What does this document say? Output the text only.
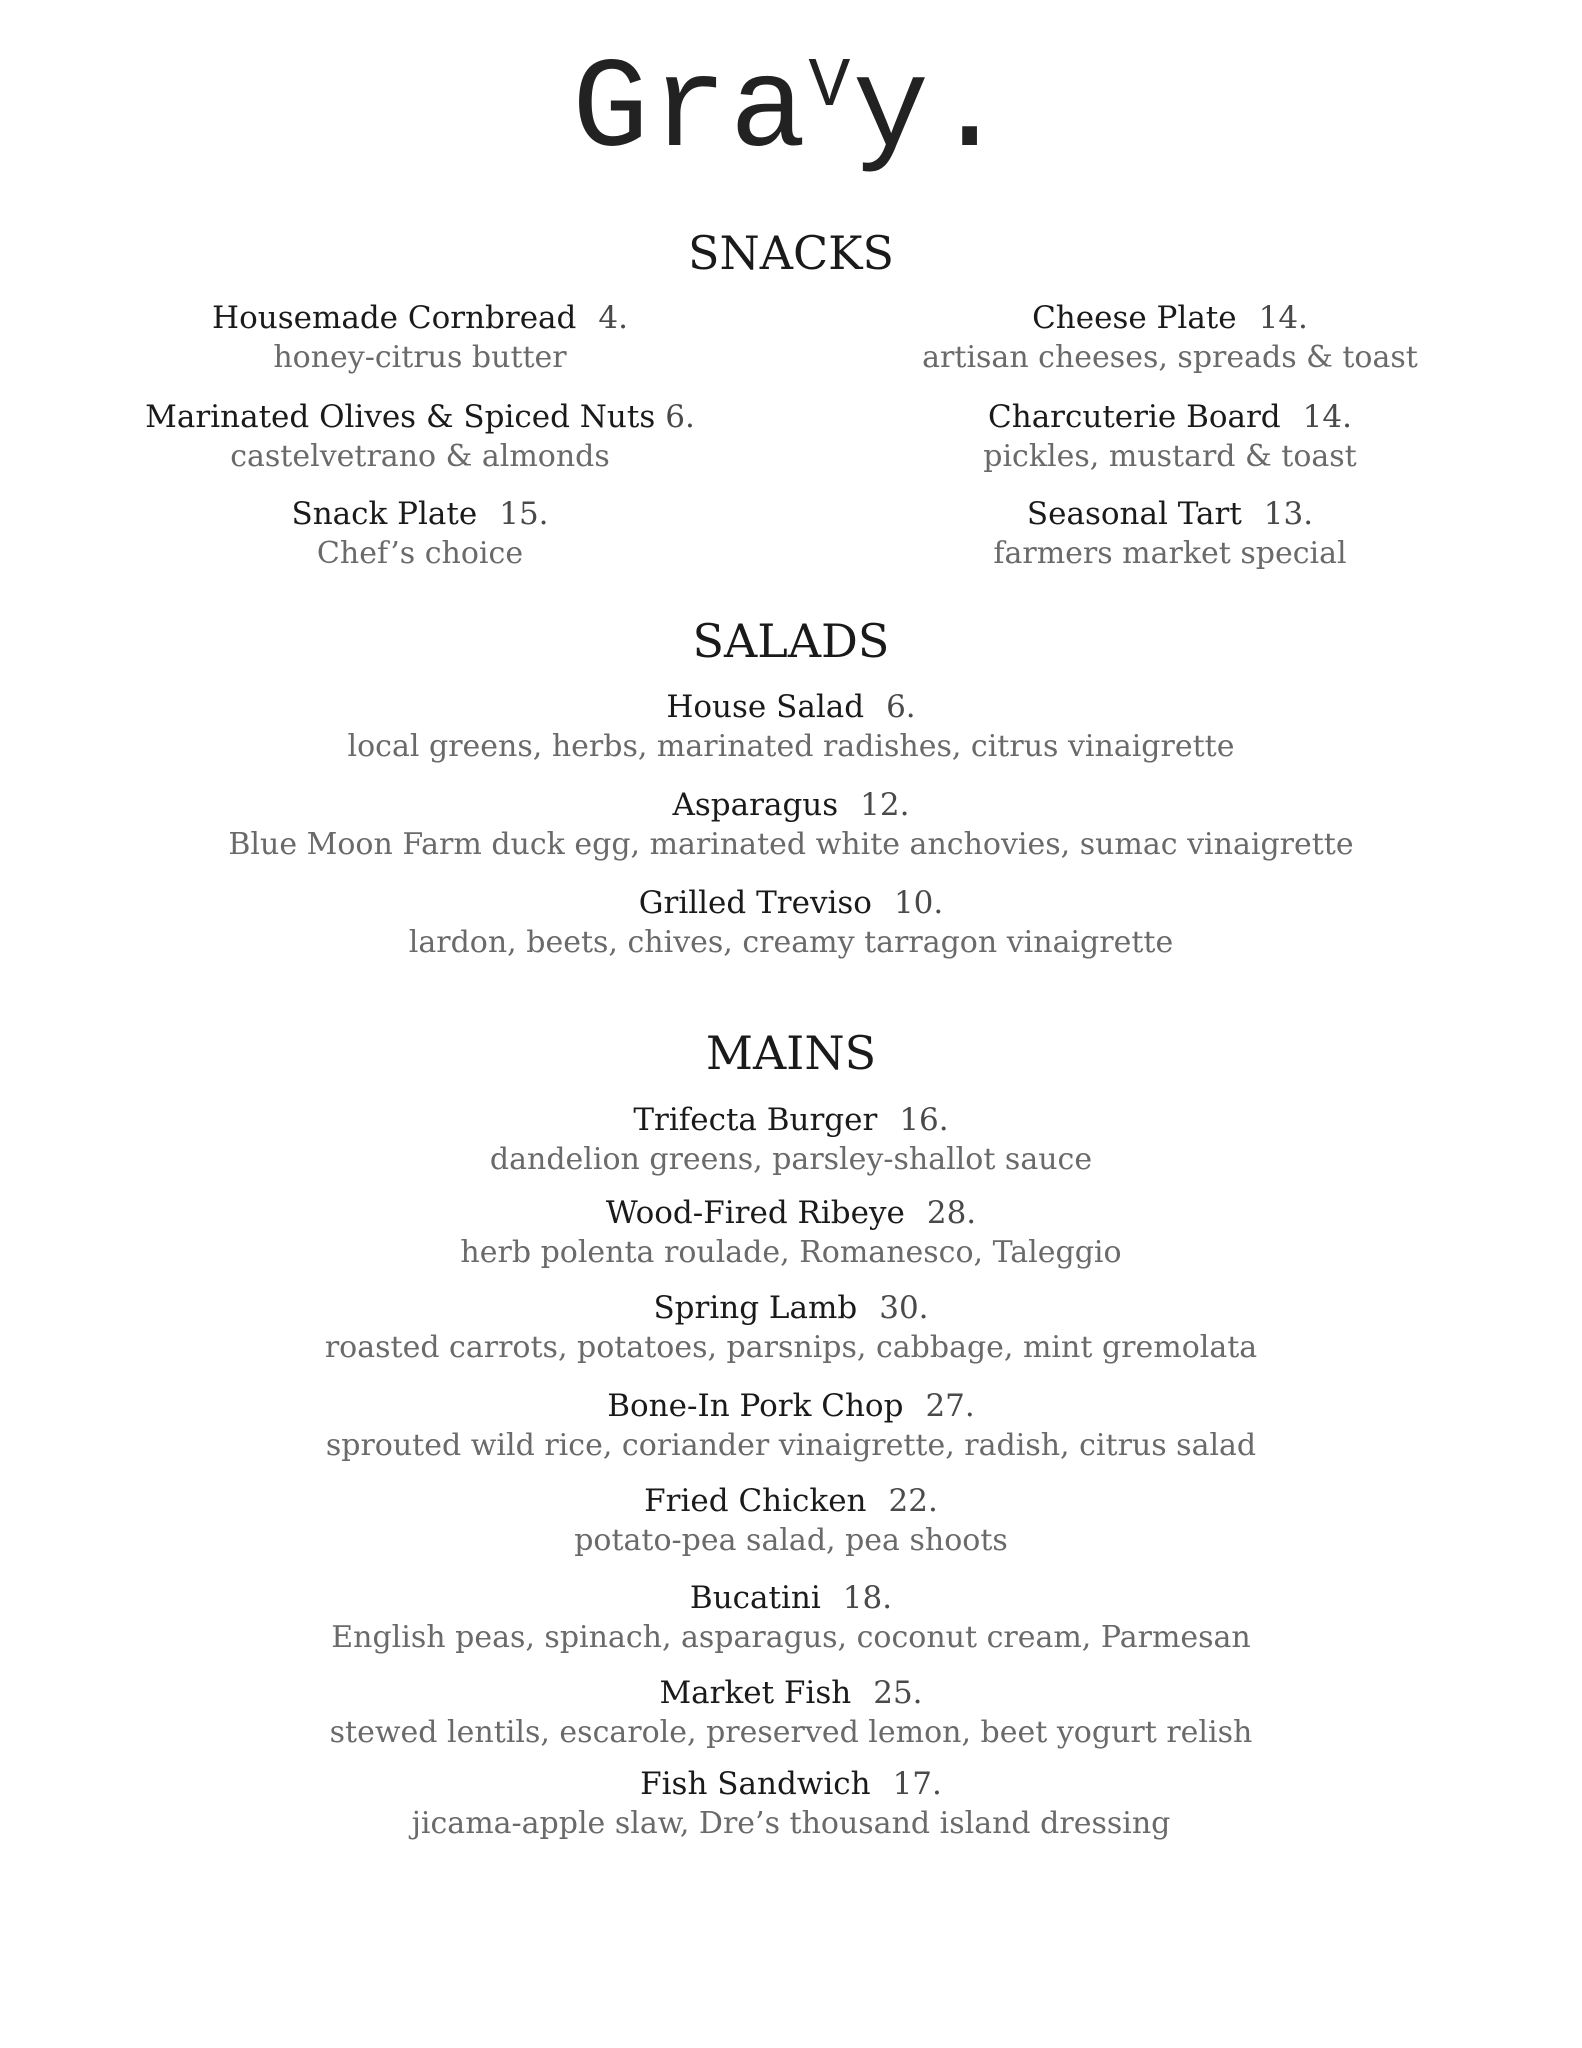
GraVy.
SNACKS
Housemade Cornbread 4.
honey-citrus butter
Marinated Olives & Spiced Nuts 6.
castelvetrano & almonds
Snack Plate 15.
Chef’s choice
Cheese Plate 14.
artisan cheeses, spreads & toast
Charcuterie Board 14.
pickles, mustard & toast
Seasonal Tart 13.
farmers market special
SALADS
House Salad 6.
local greens, herbs, marinated radishes, citrus vinaigrette
Asparagus 12.
Blue Moon Farm duck egg, marinated white anchovies, sumac vinaigrette
Grilled Treviso 10.
lardon, beets, chives, creamy tarragon vinaigrette
MAINS
Trifecta Burger 16.
dandelion greens, parsley-shallot sauce
Wood-Fired Ribeye 28.
herb polenta roulade, Romanesco, Taleggio
Spring Lamb 30.
roasted carrots, potatoes, parsnips, cabbage, mint gremolata
Bone-In Pork Chop 27.
sprouted wild rice, coriander vinaigrette, radish, citrus salad
Fried Chicken 22.
potato-pea salad, pea shoots
Bucatini 18.
English peas, spinach, asparagus, coconut cream, Parmesan
Market Fish 25.
stewed lentils, escarole, preserved lemon, beet yogurt relish
Fish Sandwich 17.
jicama-apple slaw, Dre’s thousand island dressing
